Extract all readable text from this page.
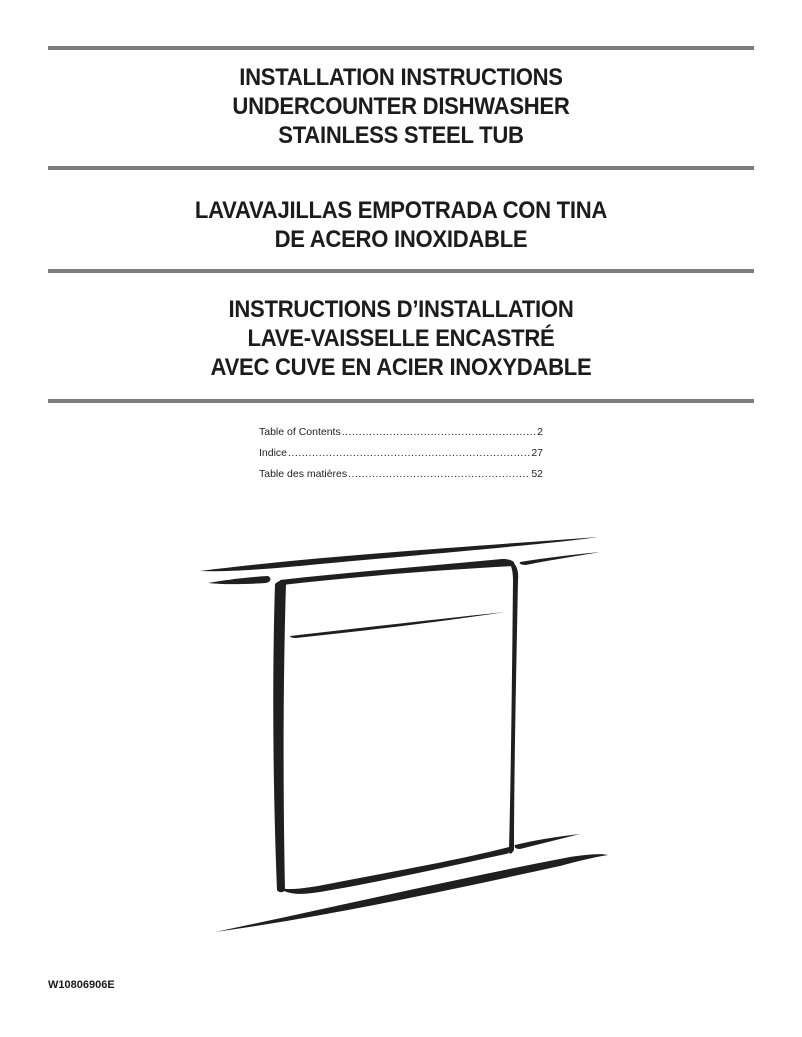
INSTALLATION INSTRUCTIONS
UNDERCOUNTER DISHWASHER
STAINLESS STEEL TUB
LAVAVAJILLAS EMPOTRADA CON TINA
DE ACERO INOXIDABLE
INSTRUCTIONS D’INSTALLATION
LAVE-VAISSELLE ENCASTRÉ
AVEC CUVE EN ACIER INOXYDABLE
Table of Contents .....	2
Indice .....	27
Table des matières .....	52
W10806906E
